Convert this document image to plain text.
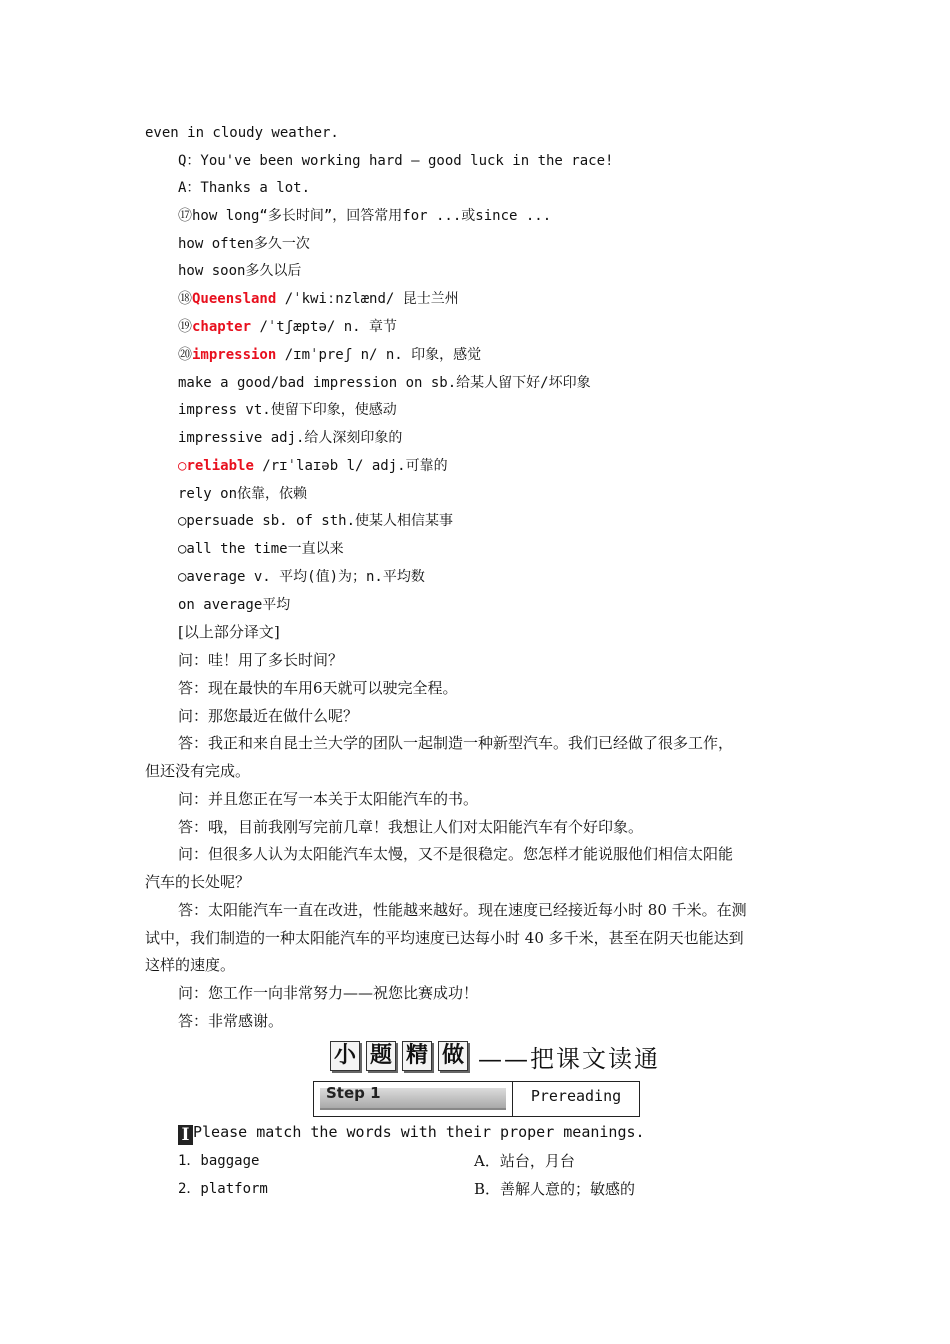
even in cloudy weather.
Q：You've been working hard — good luck in the race!
A：Thanks a lot.
⑰how long“多长时间”，回答常用for ...或since ...
how often多久一次
how soon多久以后
⑱Queensland /ˈkwiːnzlænd/ 昆士兰州
⑲chapter /ˈtʃæptə/ n. 章节
⑳impression /ɪmˈpreʃ n/ n. 印象，感觉
make a good/bad impression on sb.给某人留下好/坏印象
impress vt.使留下印象，使感动
impressive adj.给人深刻印象的
○reliable /rɪˈlaɪəb l/ adj.可靠的
rely on依靠，依赖
○persuade sb. of sth.使某人相信某事
○all the time一直以来
○average v. 平均(值)为；n.平均数
on average平均
[以上部分译文]
问：哇！用了多长时间？
答：现在最快的车用6天就可以驶完全程。
问：那您最近在做什么呢？
答：我正和来自昆士兰大学的团队一起制造一种新型汽车。我们已经做了很多工作，
但还没有完成。
问：并且您正在写一本关于太阳能汽车的书。
答：哦，目前我刚写完前几章！我想让人们对太阳能汽车有个好印象。
问：但很多人认为太阳能汽车太慢，又不是很稳定。您怎样才能说服他们相信太阳能
汽车的长处呢？
答：太阳能汽车一直在改进，性能越来越好。现在速度已经接近每小时 80 千米。在测
试中，我们制造的一种太阳能汽车的平均速度已达每小时 40 多千米，甚至在阴天也能达到
这样的速度。
问：您工作一向非常努力——祝您比赛成功！
答：非常感谢。
小 题 精 做 ——把课文读通
Step 1	Prereading
I Please match the words with their proper meanings.
1．baggage	A．站台，月台
2．platform	B．善解人意的；敏感的
